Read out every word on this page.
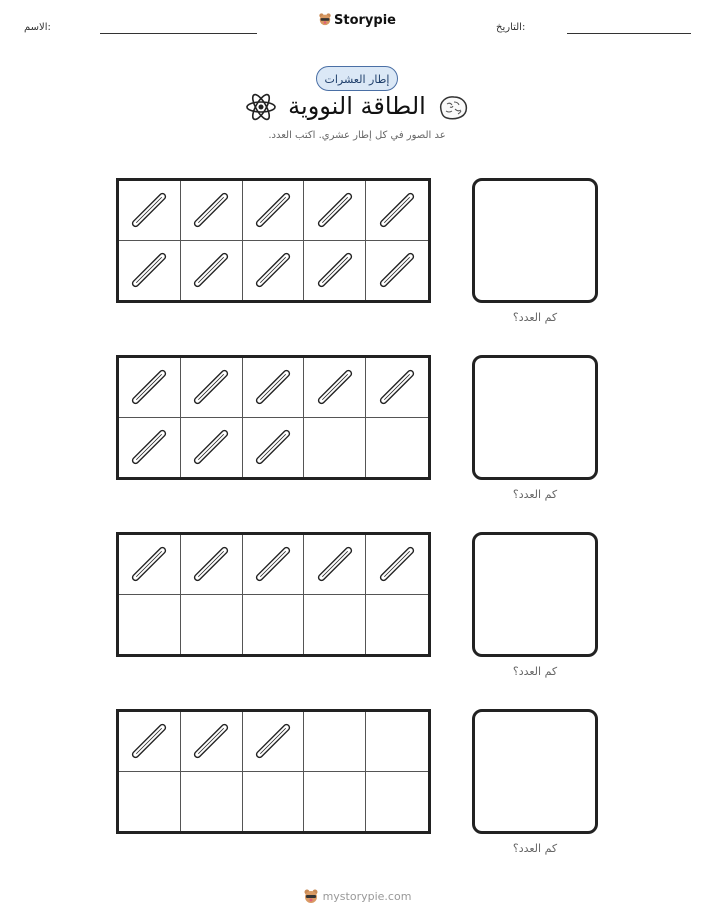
الاسم:	Storypie	التاريخ:
إطار العشرات
الطاقة النووية
عد الصور في كل إطار عشري. اكتب العدد.
كم العدد؟
كم العدد؟
كم العدد؟
كم العدد؟
mystorypie.com
